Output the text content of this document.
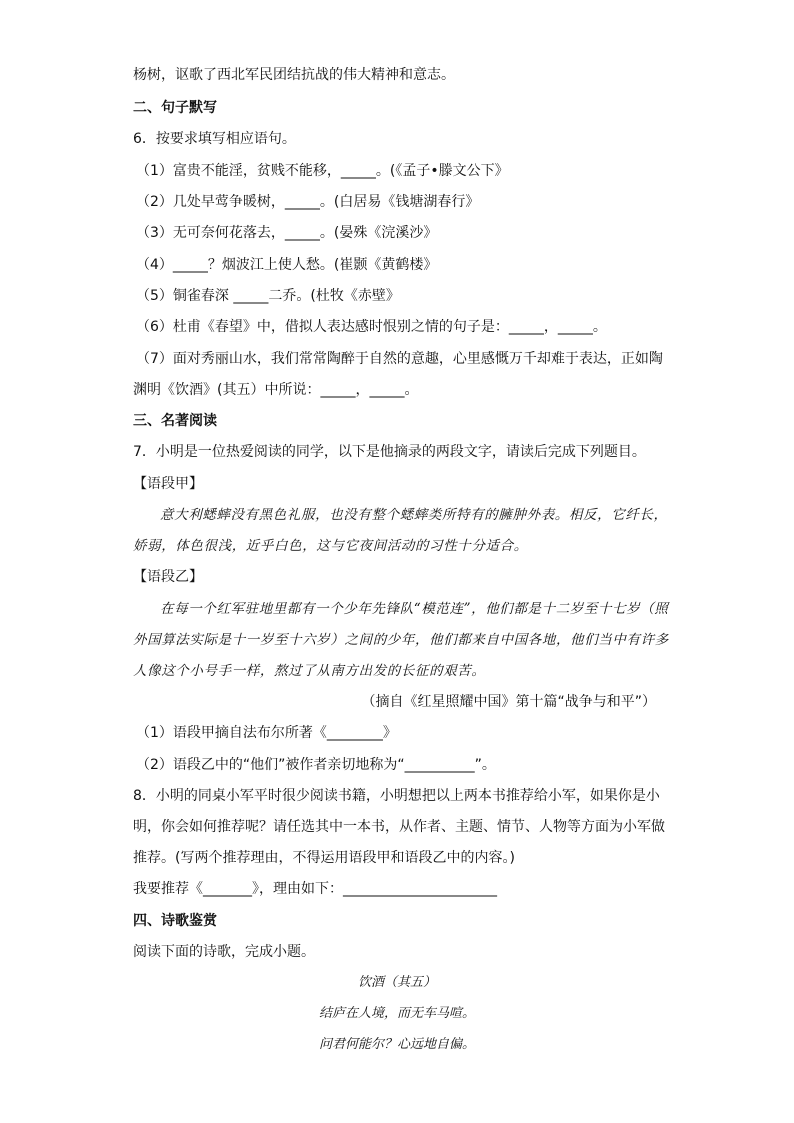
杨树，讴歌了西北军民团结抗战的伟大精神和意志。
二、句子默写
6．按要求填写相应语句。
（1）富贵不能淫，贫贱不能移，_____。(《孟子•滕文公下》
（2）几处早莺争暖树，_____。(白居易《钱塘湖春行》
（3）无可奈何花落去，_____。(晏殊《浣溪沙》
（4）_____？烟波江上使人愁。(崔颢《黄鹤楼》
（5）铜雀春深 _____二乔。(杜牧《赤壁》
（6）杜甫《春望》中，借拟人表达感时恨别之情的句子是：_____，_____。
（7）面对秀丽山水，我们常常陶醉于自然的意趣，心里感慨万千却难于表达，正如陶
渊明《饮酒》(其五）中所说：_____，_____。
三、名著阅读
7．小明是一位热爱阅读的同学，以下是他摘录的两段文字，请读后完成下列题目。
【语段甲】
意大利蟋蟀没有黑色礼服，也没有整个蟋蟀类所特有的臃肿外表。相反，它纤长，
娇弱，体色很浅，近乎白色，这与它夜间活动的习性十分适合。
【语段乙】
在每一个红军驻地里都有一个少年先锋队“模范连”，他们都是十二岁至十七岁（照
外国算法实际是十一岁至十六岁）之间的少年，他们都来自中国各地，他们当中有许多
人像这个小号手一样，熬过了从南方出发的长征的艰苦。
（摘自《红星照耀中国》第十篇“战争与和平”）
（1）语段甲摘自法布尔所著《________》
（2）语段乙中的“他们”被作者亲切地称为“__________”。
8．小明的同桌小军平时很少阅读书籍，小明想把以上两本书推荐给小军，如果你是小
明，你会如何推荐呢？请任选其中一本书，从作者、主题、情节、人物等方面为小军做
推荐。(写两个推荐理由，不得运用语段甲和语段乙中的内容。)
我要推荐《_______》，理由如下：______________________
四、诗歌鉴赏
阅读下面的诗歌，完成小题。
饮酒（其五）
结庐在人境，而无车马喧。
问君何能尔？心远地自偏。
